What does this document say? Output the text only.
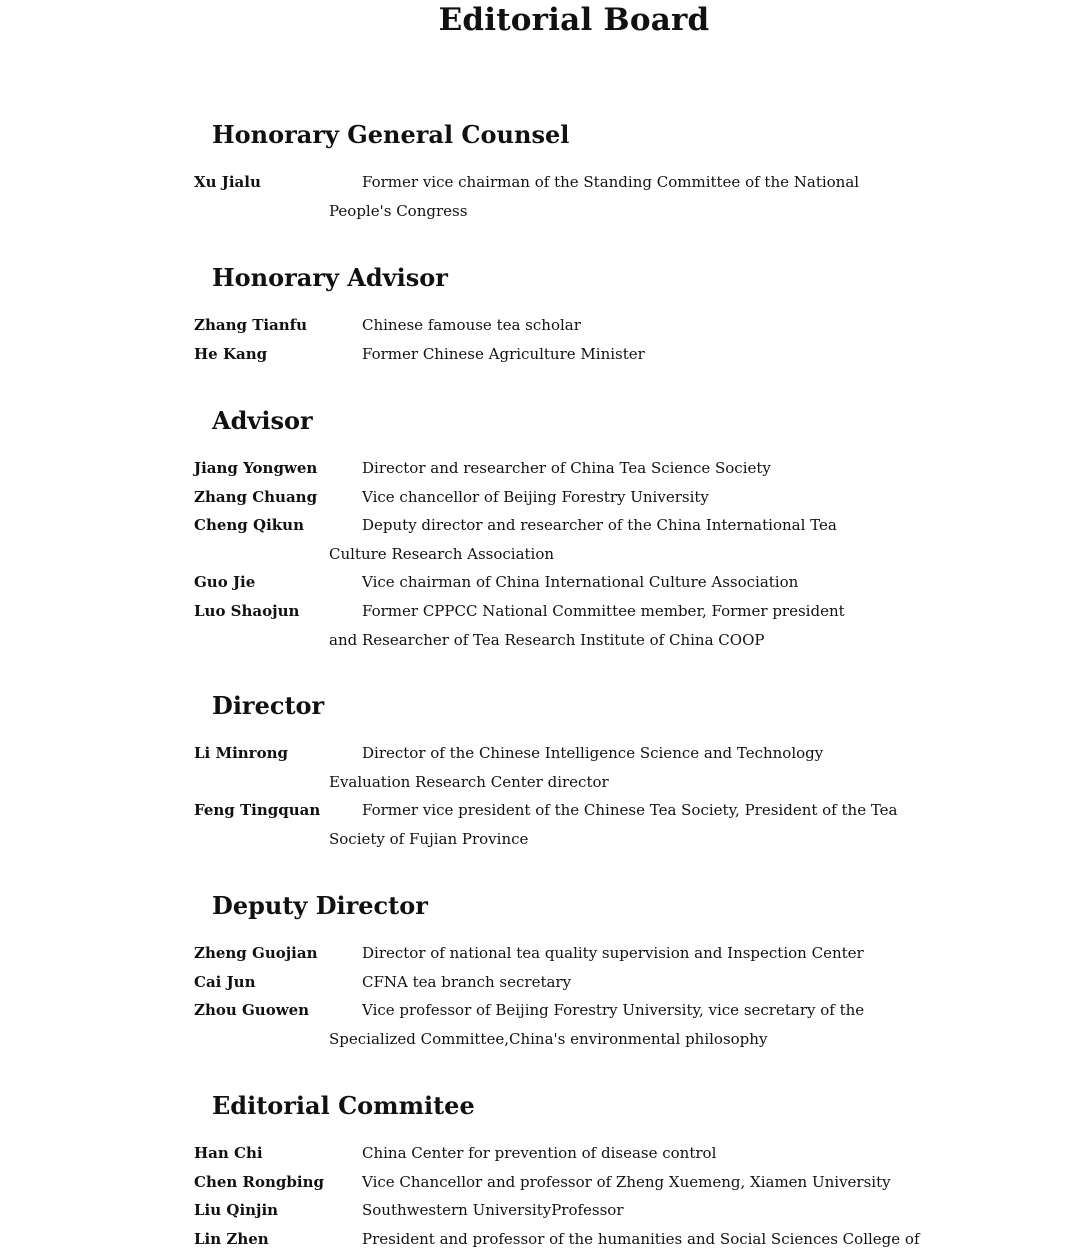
Editorial Board
Honorary General Counsel
Xu Jialu	Former vice chairman of the Standing Committee of the National People's Congress
Honorary Advisor
Zhang Tianfu	Chinese famouse tea scholar
He Kang	Former Chinese Agriculture Minister
Advisor
Jiang Yongwen	Director and researcher of China Tea Science Society
Zhang Chuang	Vice chancellor of Beijing Forestry University
Cheng Qikun	Deputy director and researcher of the China International Tea Culture Research Association
Guo Jie	Vice chairman of China International Culture Association
Luo Shaojun	Former CPPCC National Committee member, Former president and Researcher of Tea Research Institute of China COOP
Director
Li Minrong	Director of the Chinese Intelligence Science and Technology Evaluation Research Center director
Feng Tingquan	Former vice president of the Chinese Tea Society, President of the Tea Society of Fujian Province
Deputy Director
Zheng Guojian	Director of national tea quality supervision and Inspection Center
Cai Jun	CFNA tea branch secretary
Zhou Guowen	Vice professor of Beijing Forestry University, vice secretary of the Specialized Committee,China's environmental philosophy
Editorial Commitee
Han Chi	China Center for prevention of disease control
Chen Rongbing	Vice Chancellor and professor of Zheng Xuemeng, Xiamen University
Liu Qinjin	Southwestern UniversityProfessor
Lin Zhen	President and professor of the humanities and Social Sciences College of
